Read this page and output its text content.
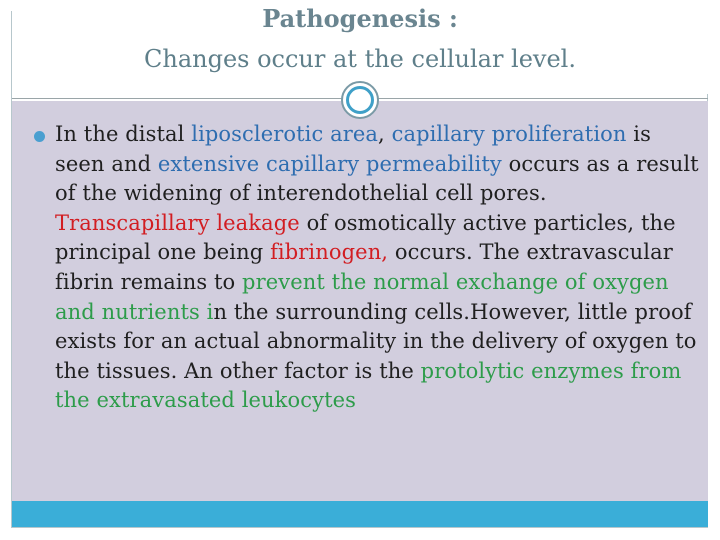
Pathogenesis :
Changes occur at the cellular level.
In the distal liposclerotic area, capillary proliferation is seen and extensive capillary permeability occurs as a result of the widening of interendothelial cell pores. Transcapillary leakage of osmotically active particles, the principal one being fibrinogen, occurs. The extravascular fibrin remains to prevent the normal exchange of oxygen and nutrients in the surrounding cells.However, little proof exists for an actual abnormality in the delivery of oxygen to the tissues. An other factor is the protolytic enzymes from the extravasated leukocytes
